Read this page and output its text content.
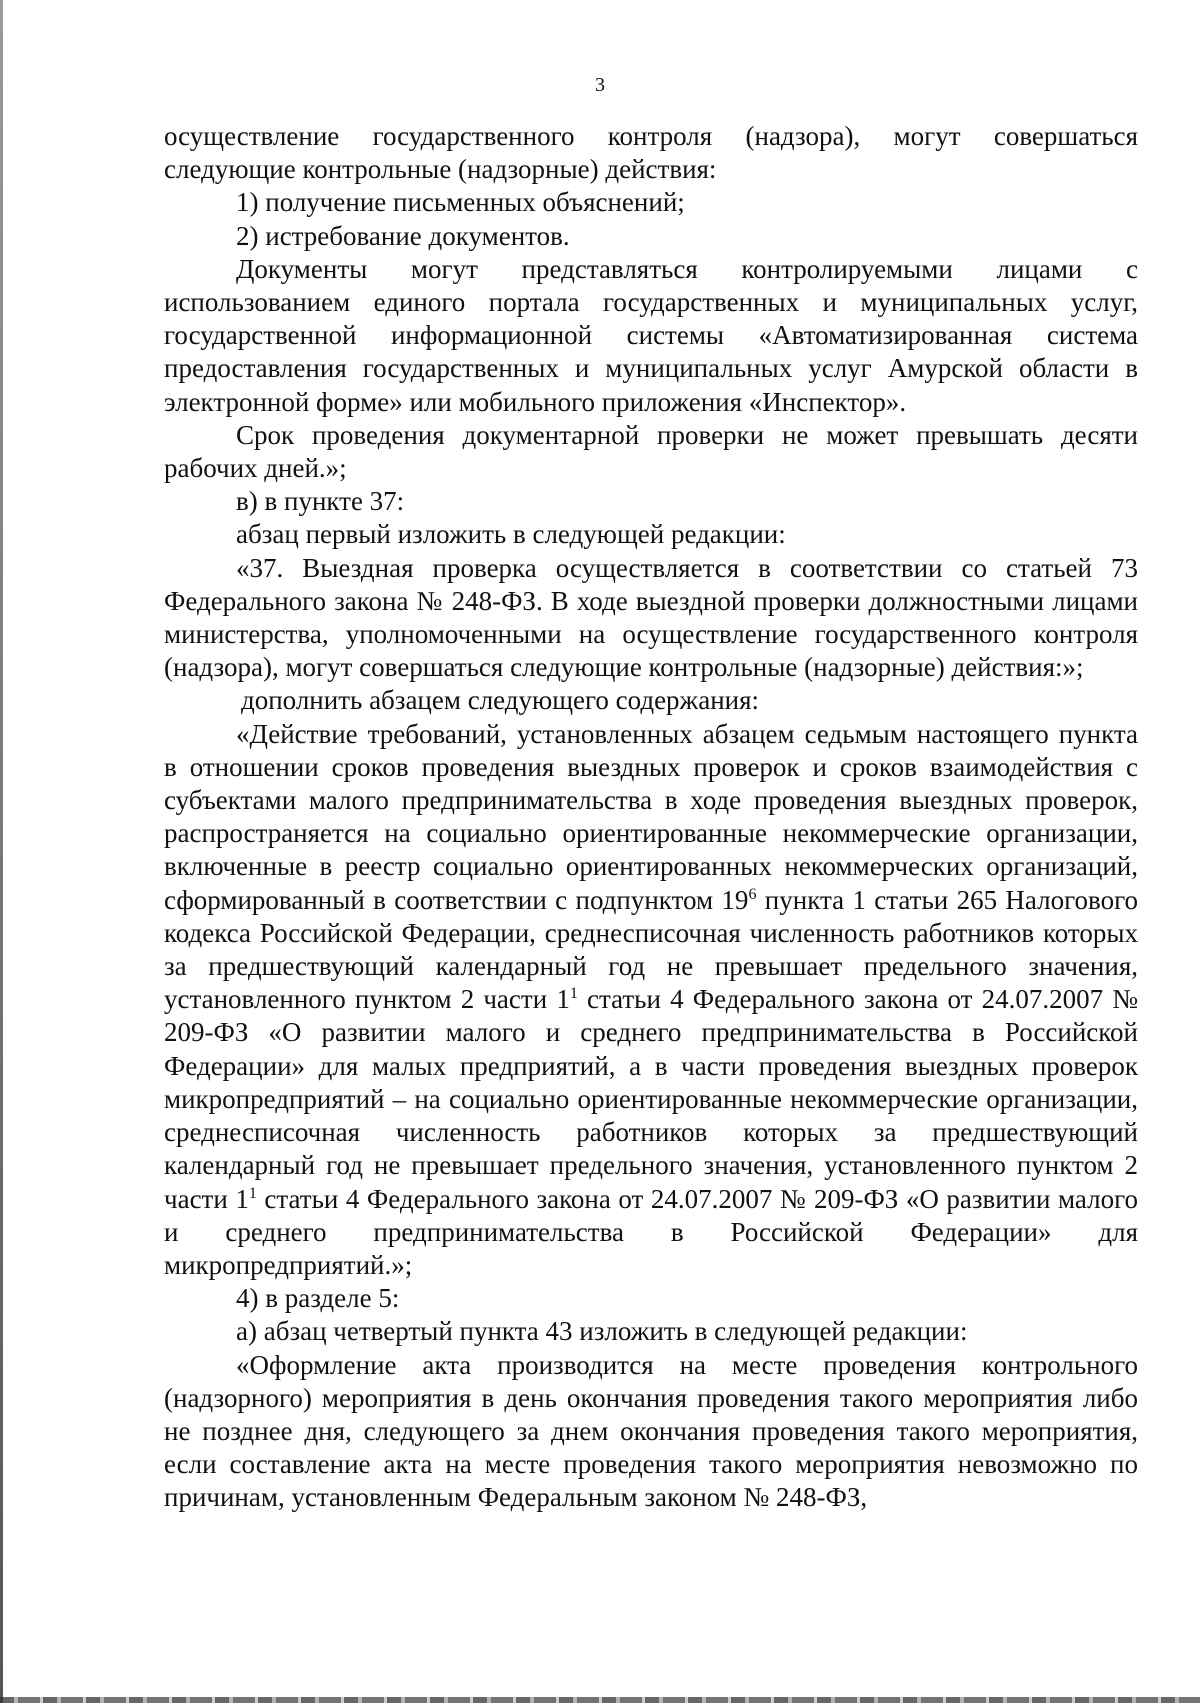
3

осуществление государственного контроля (надзора), могут совершаться следующие контрольные (надзорные) действия:

1) получение письменных объяснений;

2) истребование документов.

Документы могут представляться контролируемыми лицами с использованием единого портала государственных и муниципальных услуг, государственной информационной системы «Автоматизированная система предоставления государственных и муниципальных услуг Амурской области в электронной форме» или мобильного приложения «Инспектор».

Срок проведения документарной проверки не может превышать десяти рабочих дней.»;

в) в пункте 37:

абзац первый изложить в следующей редакции:

«37. Выездная проверка осуществляется в соответствии со статьей 73 Федерального закона № 248-ФЗ. В ходе выездной проверки должностными лицами министерства, уполномоченными на осуществление государственного контроля (надзора), могут совершаться следующие контрольные (надзорные) действия:»;

дополнить абзацем следующего содержания:

«Действие требований, установленных абзацем седьмым настоящего пункта в отношении сроков проведения выездных проверок и сроков взаимодействия с субъектами малого предпринимательства в ходе проведения выездных проверок, распространяется на социально ориентированные некоммерческие организации, включенные в реестр социально ориентированных некоммерческих организаций, сформированный в соответствии с подпунктом $19^6$ пункта 1 статьи 265 Налогового кодекса Российской Федерации, среднесписочная численность работников которых за предшествующий календарный год не превышает предельного значения, установленного пунктом 2 части $1^1$ статьи 4 Федерального закона от 24.07.2007 № 209-ФЗ «О развитии малого и среднего предпринимательства в Российской Федерации» для малых предприятий, а в части проведения выездных проверок микропредприятий – на социально ориентированные некоммерческие организации, среднесписочная численность работников которых за предшествующий календарный год не превышает предельного значения, установленного пунктом 2 части $1^1$ статьи 4 Федерального закона от 24.07.2007 № 209-ФЗ «О развитии малого и среднего предпринимательства в Российской Федерации» для микропредприятий.»;

4) в разделе 5:

а) абзац четвертый пункта 43 изложить в следующей редакции:

«Оформление акта производится на месте проведения контрольного (надзорного) мероприятия в день окончания проведения такого мероприятия либо не позднее дня, следующего за днем окончания проведения такого мероприятия, если составление акта на месте проведения такого мероприятия невозможно по причинам, установленным Федеральным законом № 248-ФЗ,
